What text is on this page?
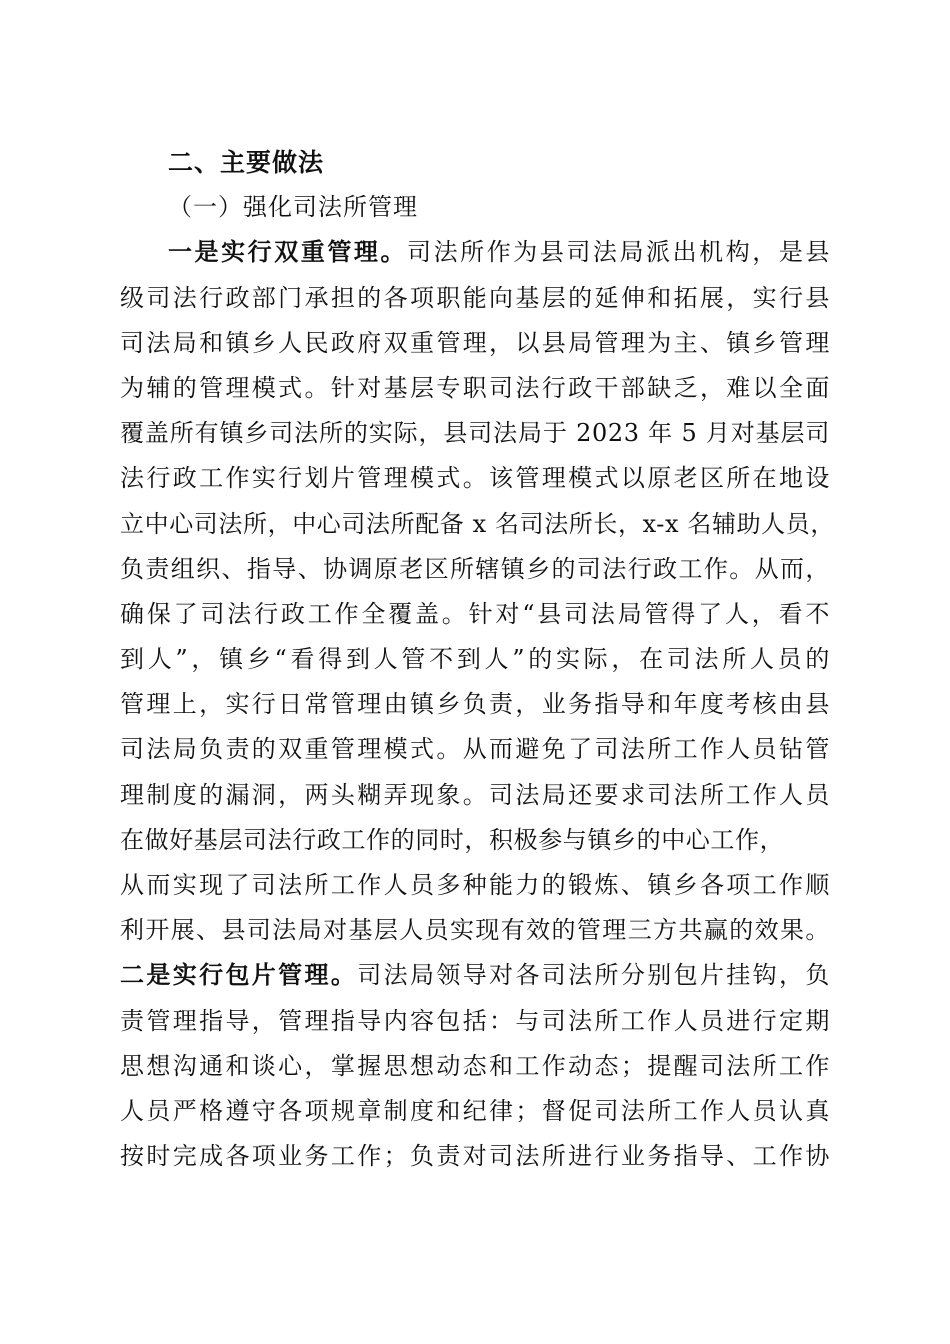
二、主要做法
（一）强化司法所管理
一是实行双重管理。司法所作为县司法局派出机构，是县
级司法行政部门承担的各项职能向基层的延伸和拓展，实行县
司法局和镇乡人民政府双重管理，以县局管理为主、镇乡管理
为辅的管理模式。针对基层专职司法行政干部缺乏，难以全面
覆盖所有镇乡司法所的实际，县司法局于 2023 年 5 月对基层司
法行政工作实行划片管理模式。该管理模式以原老区所在地设
立中心司法所，中心司法所配备 x 名司法所长，x-x 名辅助人员，
负责组织、指导、协调原老区所辖镇乡的司法行政工作。从而，
确保了司法行政工作全覆盖。针对“县司法局管得了人，看不
到人”，镇乡“看得到人管不到人”的实际，在司法所人员的
管理上，实行日常管理由镇乡负责，业务指导和年度考核由县
司法局负责的双重管理模式。从而避免了司法所工作人员钻管
理制度的漏洞，两头糊弄现象。司法局还要求司法所工作人员
在做好基层司法行政工作的同时，积极参与镇乡的中心工作，
从而实现了司法所工作人员多种能力的锻炼、镇乡各项工作顺
利开展、县司法局对基层人员实现有效的管理三方共赢的效果。
二是实行包片管理。司法局领导对各司法所分别包片挂钩，负
责管理指导，管理指导内容包括：与司法所工作人员进行定期
思想沟通和谈心，掌握思想动态和工作动态；提醒司法所工作
人员严格遵守各项规章制度和纪律；督促司法所工作人员认真
按时完成各项业务工作；负责对司法所进行业务指导、工作协
